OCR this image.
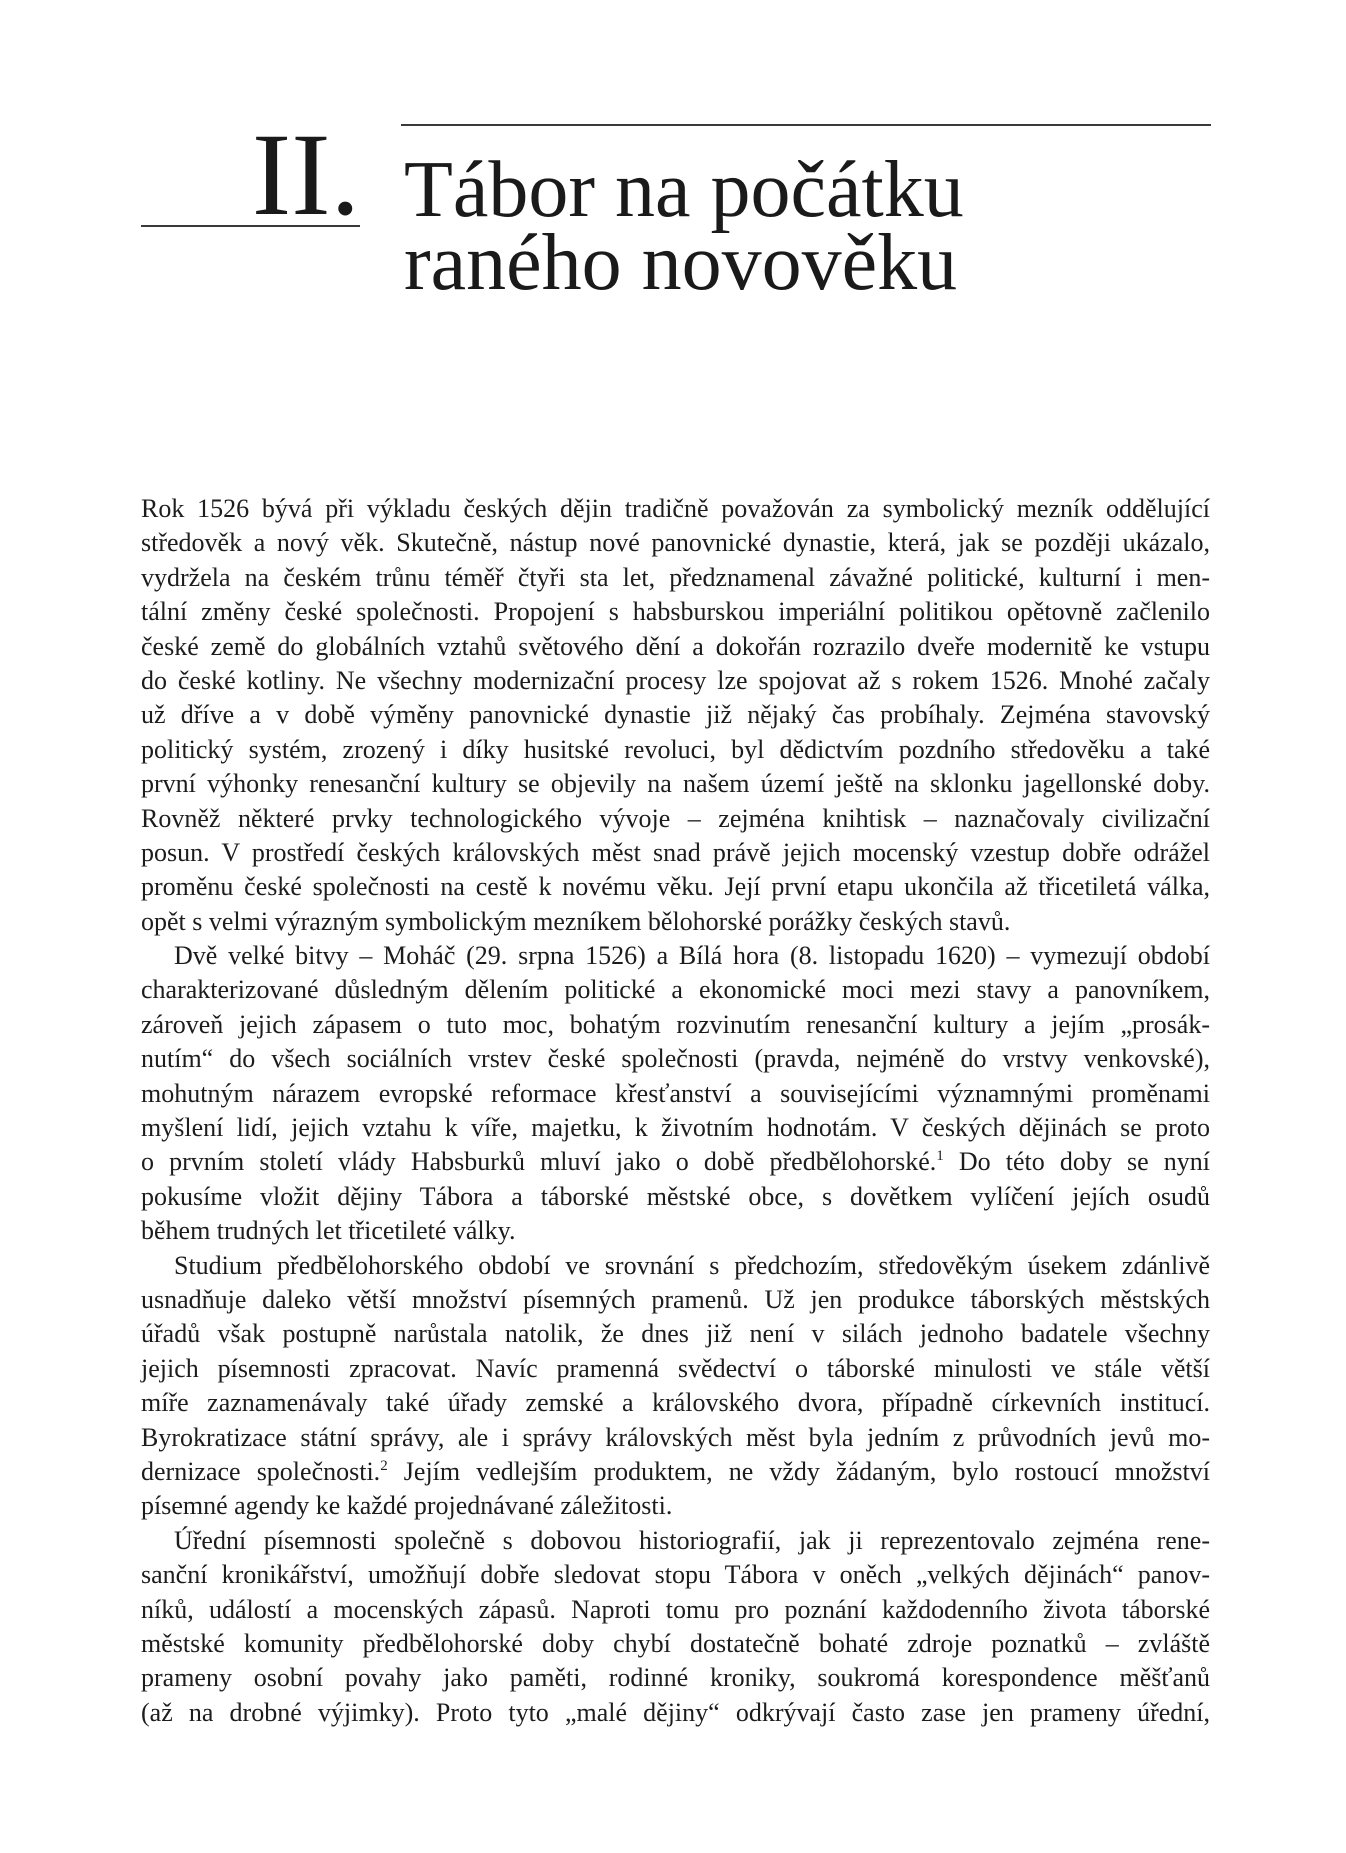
II. Tábor na počátku
raného novověku
Rok 1526 bývá při výkladu českých dějin tradičně považován za symbolický mezník oddělující
středověk a nový věk. Skutečně, nástup nové panovnické dynastie, která, jak se později ukázalo,
vydržela na českém trůnu téměř čtyři sta let, předznamenal závažné politické, kulturní i men-
tální změny české společnosti. Propojení s habsburskou imperiální politikou opětovně začlenilo
české země do globálních vztahů světového dění a dokořán rozrazilo dveře modernitě ke vstupu
do české kotliny. Ne všechny modernizační procesy lze spojovat až s rokem 1526. Mnohé začaly
už dříve a v době výměny panovnické dynastie již nějaký čas probíhaly. Zejména stavovský
politický systém, zrozený i díky husitské revoluci, byl dědictvím pozdního středověku a také
první výhonky renesanční kultury se objevily na našem území ještě na sklonku jagellonské doby.
Rovněž některé prvky technologického vývoje – zejména knihtisk – naznačovaly civilizační
posun. V prostředí českých královských měst snad právě jejich mocenský vzestup dobře odrážel
proměnu české společnosti na cestě k novému věku. Její první etapu ukončila až třicetiletá válka,
opět s velmi výrazným symbolickým mezníkem bělohorské porážky českých stavů.
Dvě velké bitvy – Moháč (29. srpna 1526) a Bílá hora (8. listopadu 1620) – vymezují období
charakterizované důsledným dělením politické a ekonomické moci mezi stavy a panovníkem,
zároveň jejich zápasem o tuto moc, bohatým rozvinutím renesanční kultury a jejím „prosák-
nutím“ do všech sociálních vrstev české společnosti (pravda, nejméně do vrstvy venkovské),
mohutným nárazem evropské reformace křesťanství a souvisejícími významnými proměnami
myšlení lidí, jejich vztahu k víře, majetku, k životním hodnotám. V českých dějinách se proto
o prvním století vlády Habsburků mluví jako o době předbělohorské.$^1$ Do této doby se nyní
pokusíme vložit dějiny Tábora a táborské městské obce, s dovětkem vylíčení jejích osudů
během trudných let třicetileté války.
Studium předbělohorského období ve srovnání s předchozím, středověkým úsekem zdánlivě
usnadňuje daleko větší množství písemných pramenů. Už jen produkce táborských městských
úřadů však postupně narůstala natolik, že dnes již není v silách jednoho badatele všechny
jejich písemnosti zpracovat. Navíc pramenná svědectví o táborské minulosti ve stále větší
míře zaznamenávaly také úřady zemské a královského dvora, případně církevních institucí.
Byrokratizace státní správy, ale i správy královských měst byla jedním z průvodních jevů mo-
dernizace společnosti.$^2$ Jejím vedlejším produktem, ne vždy žádaným, bylo rostoucí množství
písemné agendy ke každé projednávané záležitosti.
Úřední písemnosti společně s dobovou historiografií, jak ji reprezentovalo zejména rene-
sanční kronikářství, umožňují dobře sledovat stopu Tábora v oněch „velkých dějinách“ panov-
níků, událostí a mocenských zápasů. Naproti tomu pro poznání každodenního života táborské
městské komunity předbělohorské doby chybí dostatečně bohaté zdroje poznatků – zvláště
prameny osobní povahy jako paměti, rodinné kroniky, soukromá korespondence měšťanů
(až na drobné výjimky). Proto tyto „malé dějiny“ odkrývají často zase jen prameny úřední,
